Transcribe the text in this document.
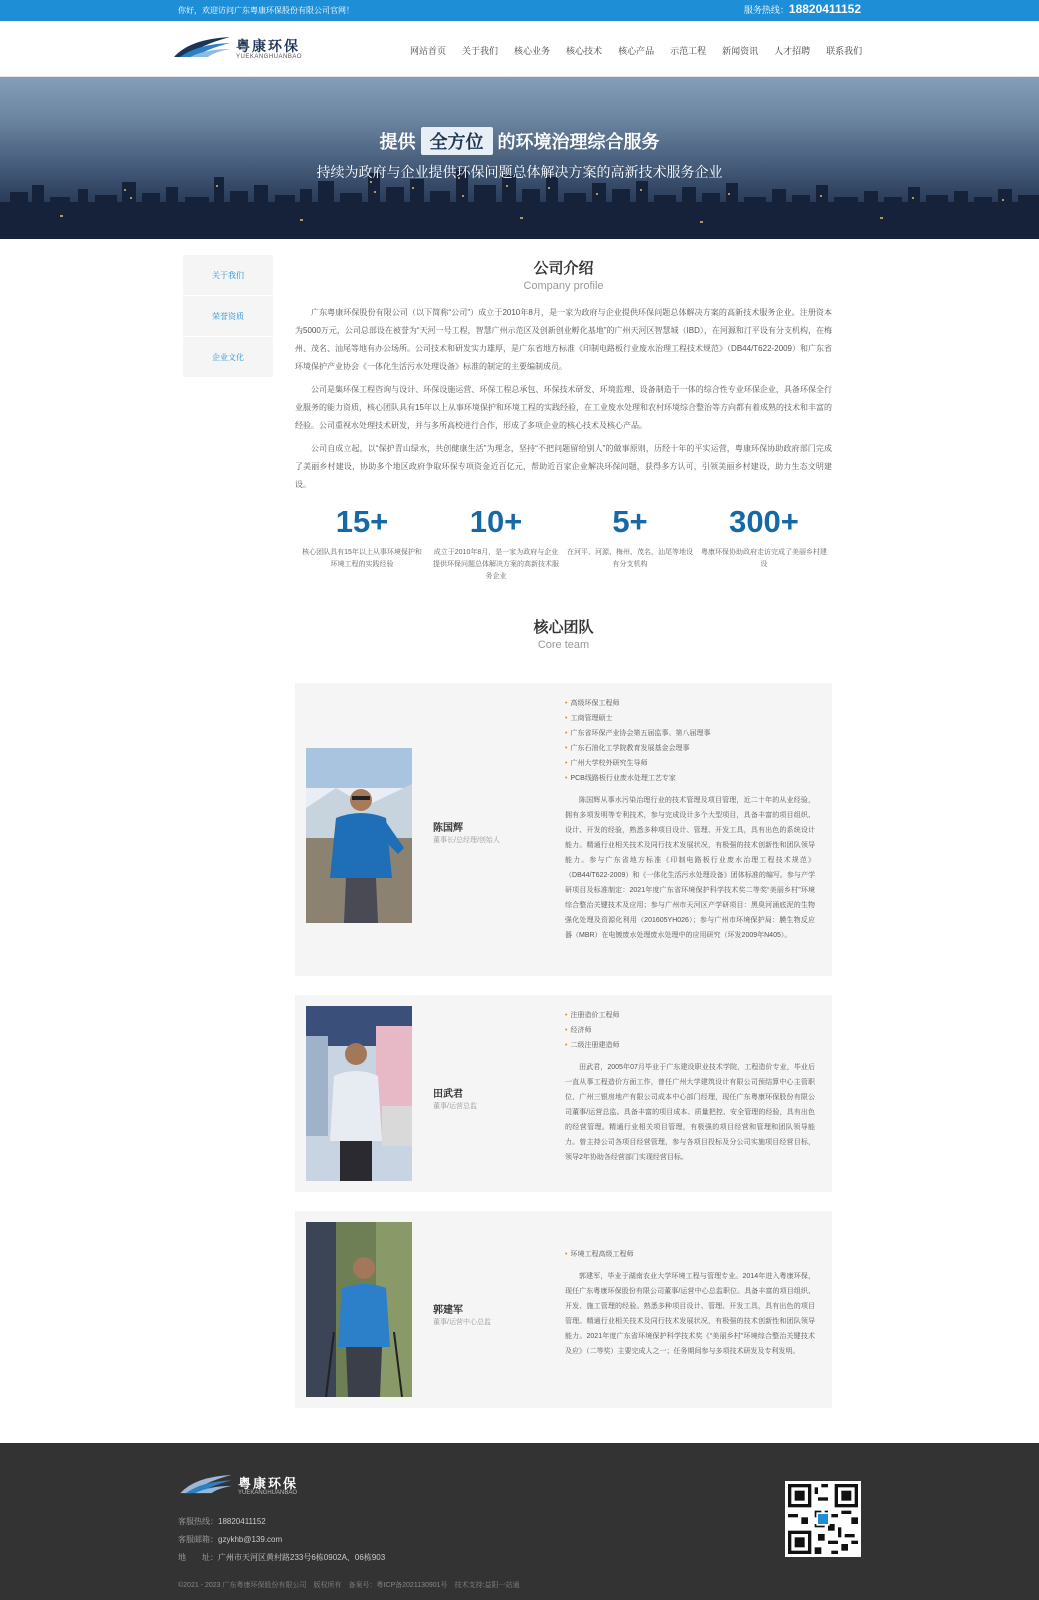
你好，欢迎访问广东粤康环保股份有限公司官网！	服务热线：18820411152
粤康环保
YUEKANGHUANBAO
网站首页 关于我们 核心业务 核心技术 核心产品 示范工程 新闻资讯 人才招聘 联系我们
提供 全方位 的环境治理综合服务
持续为政府与企业提供环保问题总体解决方案的高新技术服务企业
关于我们
荣誉资质
企业文化
公司介绍
Company profile

广东粤康环保股份有限公司（以下简称“公司”）成立于2010年8月，是一家为政府与企业提供环保问题总体解决方案的高新技术服务企业。注册资本为5000万元，公司总部设在被誉为“天河一号工程，智慧广州示范区及创新创业孵化基地”的广州天河区智慧城（IBD），在河源和汀平设有分支机构，在梅州、茂名、汕尾等地有办公场所。公司技术和研发实力雄厚，是广东省地方标准《印制电路板行业废水治理工程技术规范》（DB44/T622-2009）和广东省环境保护产业协会《一体化生活污水处理设备》标准的制定的主要编制成员。

公司是集环保工程咨询与设计、环保设施运营、环保工程总承包、环保技术研发、环境监理、设备制造于一体的综合性专业环保企业，具备环保全行业服务的能力资质，核心团队具有15年以上从事环境保护和环境工程的实践经验，在工业废水处理和农村环境综合整治等方向都有着成熟的技术和丰富的经验。公司重视水处理技术研发，并与多所高校进行合作，形成了多项企业的核心技术及核心产品。

公司自成立起，以“保护青山绿水，共创健康生活”为理念，坚持“不把问题留给别人”的做事原则，历经十年的平实运营，粤康环保协助政府部门完成了美丽乡村建设，协助多个地区政府争取环保专项资金近百亿元，帮助近百家企业解决环保问题，获得多方认可，引领美丽乡村建设，助力生态文明建设。

15+
核心团队具有15年以上从事环境保护和环境工程的实践经验
10+
成立于2010年8月，是一家为政府与企业提供环保问题总体解决方案的高新技术服务企业
5+
在河平、河源、梅州、茂名、汕尾等地设有分支机构
300+
粤康环保协助政府走访完成了美丽乡村建设
核心团队
Core team
陈国辉
董事长/总经理/创始人
• 高级环保工程师
• 工商管理硕士
• 广东省环保产业协会第五届监事、第八届理事
• 广东石油化工学院教育发展基金会理事
• 广州大学校外研究生导师
• PCB线路板行业废水处理工艺专家
陈国辉从事水污染治理行业的技术管理及项目管理，近二十年的从业经验，拥有多项发明等专利技术，参与完成设计多个大型项目，具备丰富的项目组织、设计、开发的经验，熟悉多种项目设计、管理、开发工具，具有出色的系统设计能力。精通行业相关技术及同行技术发展状况，有极强的技术创新性和团队领导能力。参与广东省地方标准《印制电路板行业废水治理工程技术规范》（DB44/T622-2009）和《一体化生活污水处理设备》团体标准的编写。参与产学研项目及标准制定：2021年度广东省环境保护科学技术奖二等奖“美丽乡村”环境综合整治关键技术及应用；参与广州市天河区产学研项目：黑臭河涌底泥的生物强化处理及资源化利用（201605YH026）；参与广州市环境保护局：膜生物反应器（MBR）在电镀废水处理废水处理中的应用研究（环发2009年N405）。
田武君
董事/运营总监
• 注册造价工程师
• 经济师
• 二级注册建造师
田武君，2005年07月毕业于广东建设职业技术学院，工程造价专业，毕业后一直从事工程造价方面工作，曾任广州大学建筑设计有限公司预结算中心主管职位、广州三银房地产有限公司成本中心部门经理，现任广东粤康环保股份有限公司董事/运营总监。具备丰富的项目成本、质量把控、安全管理的经验，具有出色的经营管理。精通行业相关项目管理，有极强的项目经营和管理和团队领导能力。曾主持公司各项目经营管理，参与各项目投标及分公司实施项目经营目标，领导2年协助各经营部门实现经营目标。
郭建军
董事/运营中心总监
• 环境工程高级工程师
郭建军，毕业于湖南农业大学环境工程与管理专业。2014年进入粤康环保，现任广东粤康环保股份有限公司董事/运营中心总监职位。具备丰富的项目组织、开发、施工管理的经验。熟悉多种项目设计、管理、开发工具，具有出色的项目管理。精通行业相关技术及同行技术发展状况，有极强的技术创新性和团队领导能力。2021年度广东省环境保护科学技术奖《“美丽乡村”环境综合整治关键技术及应》（二等奖）主要完成人之一；任务期间参与多项技术研发及专利发明。
粤康环保
YUEKANGHUANBAO
客服热线：18820411152
客服邮箱：gzykhb@139.com
地　　址：广州市天河区黄村路233号6栋0902A、06栋903
©2021 - 2023 广东粤康环保股份有限公司　版权所有　备案号：粤ICP备2021130901号　技术支持:益阳一站通
